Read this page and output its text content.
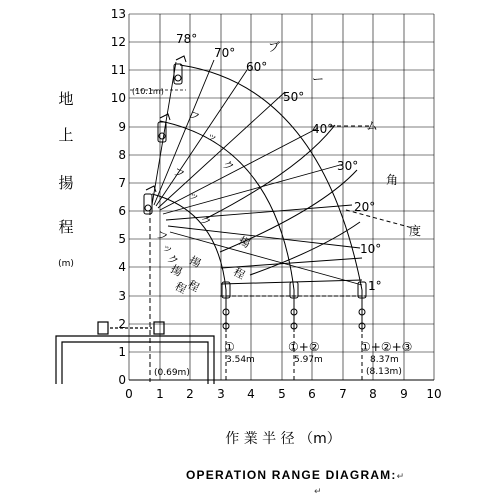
0
1
2
3
4
5
6
7
8
9
10
11
12
13
0 1 2 3 4 5 6 7 8 9 10
地
上
揚
程
(m)
作 業 半 径 （m）
78°
70°
60°
50°
40°
30°
20°
10°
1°
ブ
ー
ム
角
度
フ
ッ
ク
揚
程
フ
ッ
ク
揚
程
フ
ッ
ク
揚
程
(10.1m)
①
3.54m
①+②
5.97m
①+②+③
8.37m
(8.13m)
(0.69m)
OPERATION RANGE DIAGRAM:↵
↵
